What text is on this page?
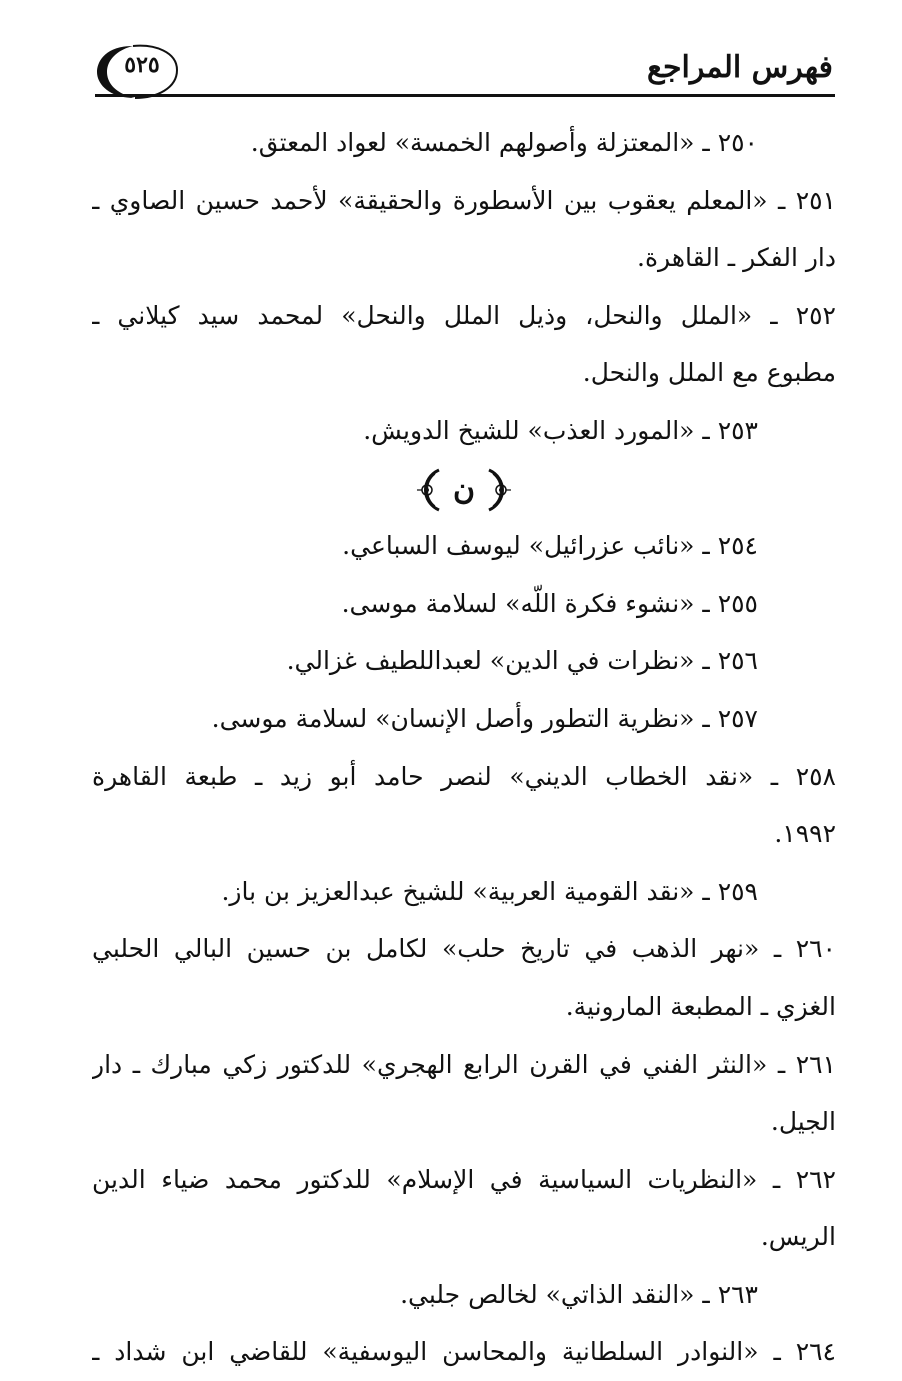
فهرس المراجع
٥٢٥
٢٥٠ ـ «المعتزلة وأصولهم الخمسة» لعواد المعتق.
٢٥١ ـ «المعلم يعقوب بين الأسطورة والحقيقة» لأحمد حسين الصاوي ـ
دار الفكر ـ القاهرة.
٢٥٢ ـ «الملل والنحل، وذيل الملل والنحل» لمحمد سيد كيلاني ـ
مطبوع مع الملل والنحل.
٢٥٣ ـ «المورد العذب» للشيخ الدويش.
ن
٢٥٤ ـ «نائب عزرائيل» ليوسف السباعي.
٢٥٥ ـ «نشوء فكرة اللّه» لسلامة موسى.
٢٥٦ ـ «نظرات في الدين» لعبداللطيف غزالي.
٢٥٧ ـ «نظرية التطور وأصل الإنسان» لسلامة موسى.
٢٥٨ ـ «نقد الخطاب الديني» لنصر حامد أبو زيد ـ طبعة القاهرة
١٩٩٢.
٢٥٩ ـ «نقد القومية العربية» للشيخ عبدالعزيز بن باز.
٢٦٠ ـ «نهر الذهب في تاريخ حلب» لكامل بن حسين البالي الحلبي
الغزي ـ المطبعة المارونية.
٢٦١ ـ «النثر الفني في القرن الرابع الهجري» للدكتور زكي مبارك ـ دار
الجيل.
٢٦٢ ـ «النظريات السياسية في الإسلام» للدكتور محمد ضياء الدين
الريس.
٢٦٣ ـ «النقد الذاتي» لخالص جلبي.
٢٦٤ ـ «النوادر السلطانية والمحاسن اليوسفية» للقاضي ابن شداد ـ
